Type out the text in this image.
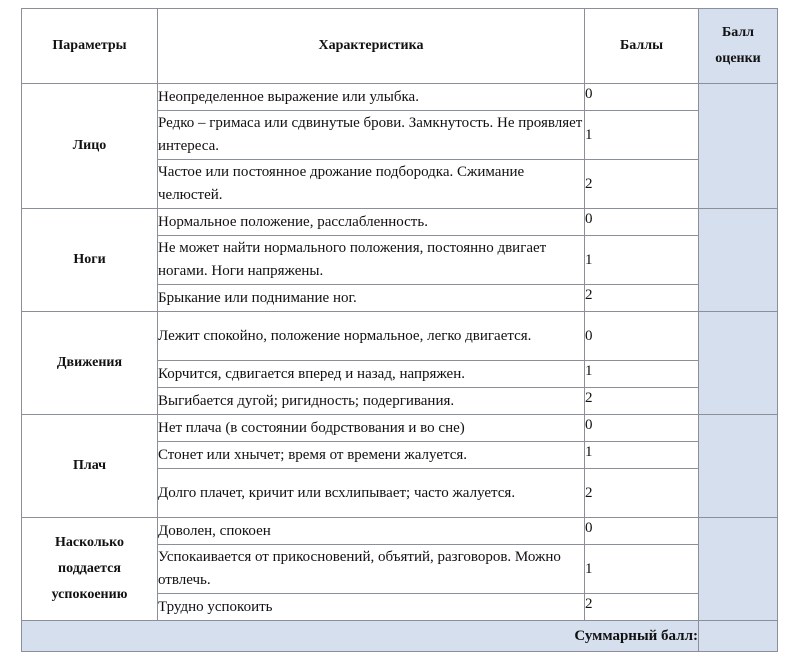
Параметры	Характеристика	Баллы	Балл
оценки
Лицо	Неопределенное выражение или улыбка.	0	
	Редко – гримаса или сдвинутые брови. Замкнутость. Не проявляет интереса.	1	
	Частое или постоянное дрожание подбородка. Сжимание челюстей.	2	
Ноги	Нормальное положение, расслабленность.	0	
	Не может найти нормального положения, постоянно двигает ногами. Ноги напряжены.	1	
	Брыкание или поднимание ног.	2	
Движения	Лежит спокойно, положение нормальное, легко двигается.	0	
	Корчится, сдвигается вперед и назад, напряжен.	1	
	Выгибается дугой; ригидность; подергивания.	2	
Плач	Нет плача (в состоянии бодрствования и во сне)	0	
	Стонет или хнычет; время от времени жалуется.	1	
	Долго плачет, кричит или всхлипывает; часто жалуется.	2	
Насколько
поддается
успокоению	Доволен, спокоен	0	
	Успокаивается от прикосновений, объятий, разговоров. Можно отвлечь.	1	
	Трудно успокоить	2	
Суммарный балл:			
